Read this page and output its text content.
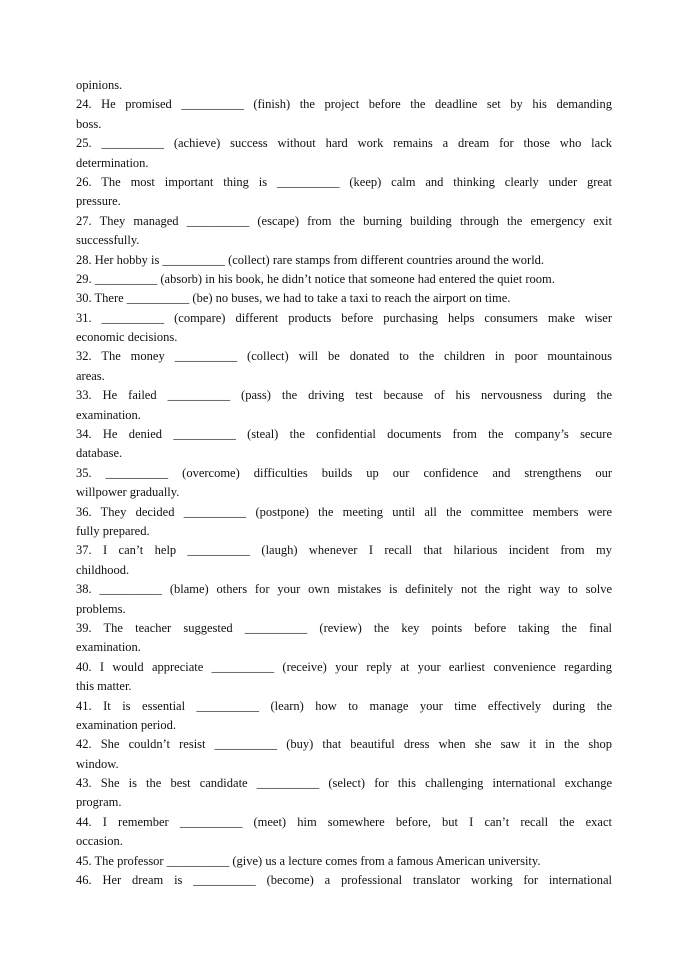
opinions.
24. He promised __________ (finish) the project before the deadline set by his demanding
boss.
25. __________ (achieve) success without hard work remains a dream for those who lack
determination.
26. The most important thing is __________ (keep) calm and thinking clearly under great
pressure.
27. They managed __________ (escape) from the burning building through the emergency exit
successfully.
28. Her hobby is __________ (collect) rare stamps from different countries around the world.
29. __________ (absorb) in his book, he didn’t notice that someone had entered the quiet room.
30. There __________ (be) no buses, we had to take a taxi to reach the airport on time.
31. __________ (compare) different products before purchasing helps consumers make wiser
economic decisions.
32. The money __________ (collect) will be donated to the children in poor mountainous
areas.
33. He failed __________ (pass) the driving test because of his nervousness during the
examination.
34. He denied __________ (steal) the confidential documents from the company’s secure
database.
35. __________ (overcome) difficulties builds up our confidence and strengthens our
willpower gradually.
36. They decided __________ (postpone) the meeting until all the committee members were
fully prepared.
37. I can’t help __________ (laugh) whenever I recall that hilarious incident from my
childhood.
38. __________ (blame) others for your own mistakes is definitely not the right way to solve
problems.
39. The teacher suggested __________ (review) the key points before taking the final
examination.
40. I would appreciate __________ (receive) your reply at your earliest convenience regarding
this matter.
41. It is essential __________ (learn) how to manage your time effectively during the
examination period.
42. She couldn’t resist __________ (buy) that beautiful dress when she saw it in the shop
window.
43. She is the best candidate __________ (select) for this challenging international exchange
program.
44. I remember __________ (meet) him somewhere before, but I can’t recall the exact
occasion.
45. The professor __________ (give) us a lecture comes from a famous American university.
46. Her dream is __________ (become) a professional translator working for international
